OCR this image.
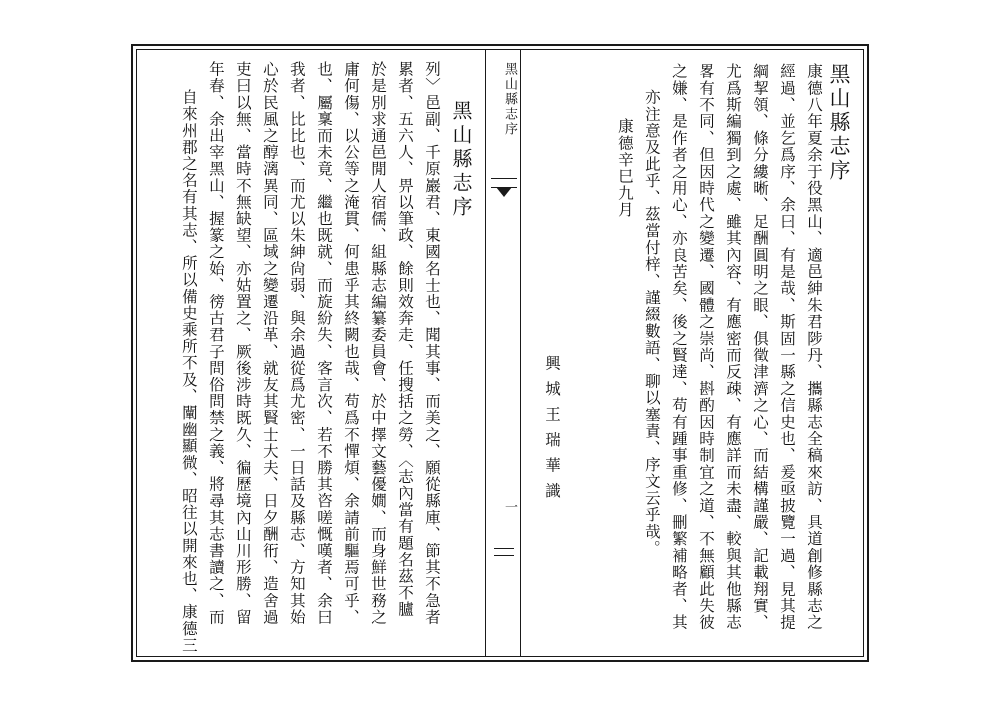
黑山縣志序
一
黑山縣志序
康德辛巳九月 亦注意及此乎、茲當付梓、謹綴數語、聊以塞責、序文云乎哉。 之嫌、是作者之用心、亦良苦矣、後之賢達、苟有踵事重修、刪繁補略者、其 畧有不同、但因時代之變遷、國體之崇尚、斟酌因時制宜之道、不無顧此失彼 尤爲斯編獨到之處、雖其內容、有應密而反疎、有應詳而未盡、較與其他縣志 綱挈領、條分縷晰、足酬圓明之眼、俱徵津濟之心、而結構謹嚴、記載翔實、 經過、並乞爲序、余曰、有是哉、斯固一縣之信史也、爰亟披覽一過、見其提 康德八年夏余于役黑山、適邑紳朱君陟丹、攜縣志全稿來訪、具道創修縣志之
興城王瑞華識
黑山縣志序
自來州郡之名有其志、所以備史乘所不及、闡幽顯微、昭往以開來也、康德三 年春、余出宰黑山、握篆之始、徬古君子問俗問禁之義、將尋其志書讀之、而 吏曰以無、當時不無缺望、亦姑置之、厥後涉時既久、徧歷境內山川形勝、留 心於民風之醇漓異同、區域之變遷沿革、就友其賢士大夫、日夕酬衎、造舍過 我者、比比也、而尤以朱紳尙弱、與余過從爲尤密、一日話及縣志、方知其始 也、屬稟而未竟、繼也既就、而旋紛失、客言次、若不勝其咨嗟慨嘆者、余曰 庸何傷、以公等之淹貫、何患乎其終闕也哉、苟爲不憚煩、余請前驅焉可乎、 於是別求通邑閒人宿儒、組縣志編纂委員會、於中擇文藝優嫺、而身鮮世務之 累者、五六人、畀以筆政、餘則效奔走、任搜括之勞、〈志內當有題名茲不臚 列〉邑副、千原巖君、東國名士也、聞其事、而美之、願從縣庫、節其不急者
